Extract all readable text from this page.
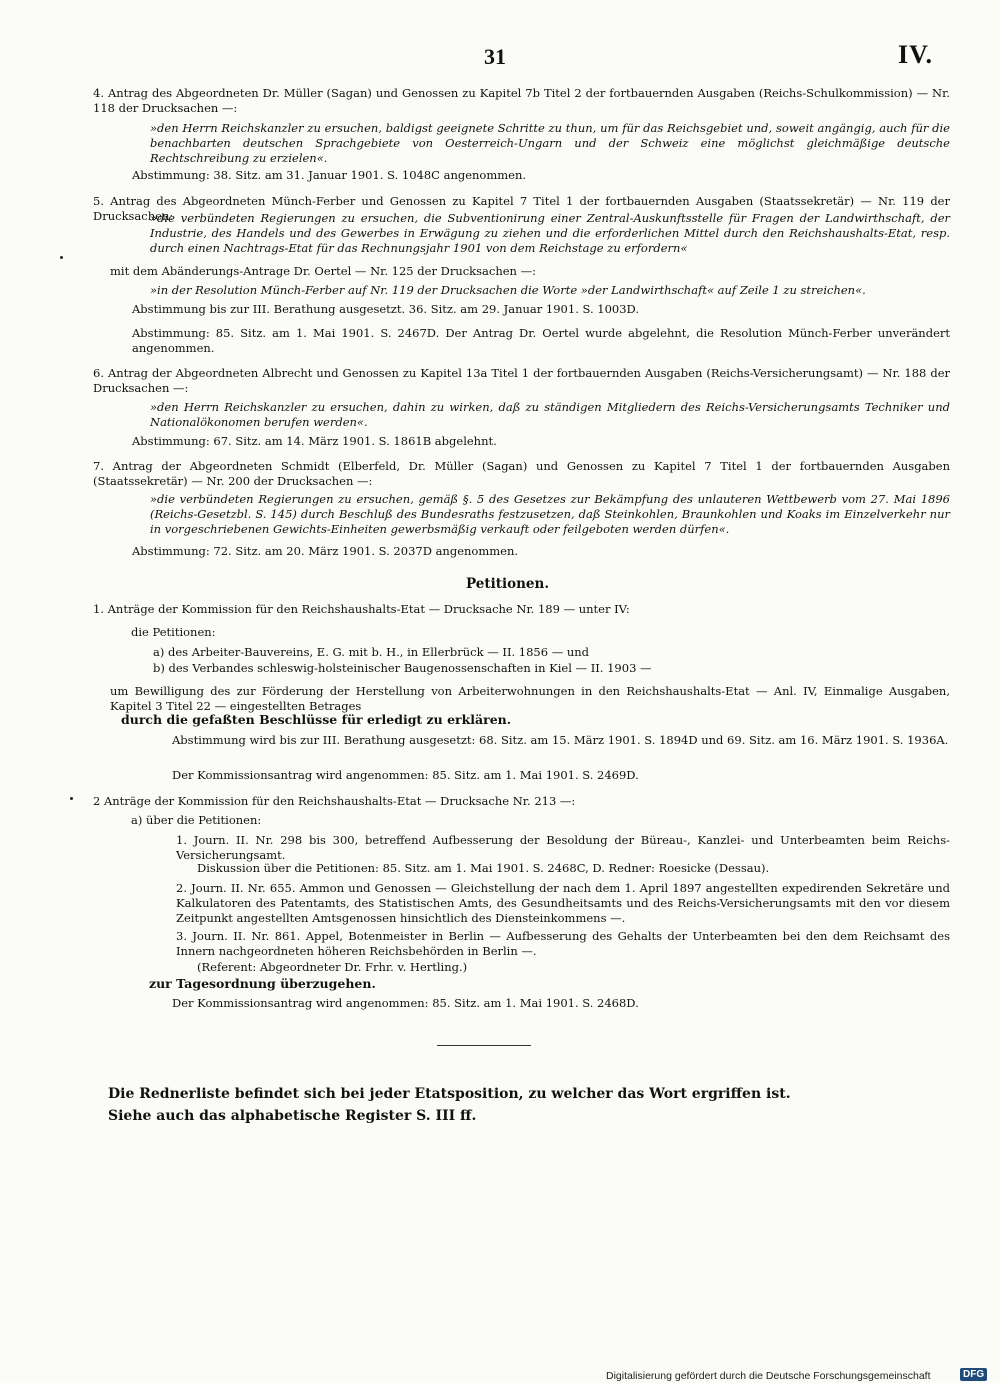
31	IV.

4. Antrag des Abgeordneten Dr. Müller (Sagan) und Genossen zu Kapitel 7b Titel 2 der fortbauernden Ausgaben (Reichs-Schulkommission) — Nr. 118 der Drucksachen —:

»den Herrn Reichskanzler zu ersuchen, baldigst geeignete Schritte zu thun, um für das Reichsgebiet und, soweit angängig, auch für die benachbarten deutschen Sprachgebiete von Oesterreich-Ungarn und der Schweiz eine möglichst gleichmäßige deutsche Rechtschreibung zu erzielen«.

Abstimmung: 38. Sitz. am 31. Januar 1901. S. 1048C angenommen.

5. Antrag des Abgeordneten Münch-Ferber und Genossen zu Kapitel 7 Titel 1 der fortbauernden Ausgaben (Staatssekretär) — Nr. 119 der Drucksachen:

»die verbündeten Regierungen zu ersuchen, die Subventionirung einer Zentral-Auskunftsstelle für Fragen der Landwirthschaft, der Industrie, des Handels und des Gewerbes in Erwägung zu ziehen und die erforderlichen Mittel durch den Reichshaushalts-Etat, resp. durch einen Nachtrags-Etat für das Rechnungsjahr 1901 von dem Reichstage zu erfordern«

mit dem Abänderungs-Antrage Dr. Oertel — Nr. 125 der Drucksachen —:

»in der Resolution Münch-Ferber auf Nr. 119 der Drucksachen die Worte »der Landwirthschaft« auf Zeile 1 zu streichen«.

Abstimmung bis zur III. Berathung ausgesetzt. 36. Sitz. am 29. Januar 1901. S. 1003D.

Abstimmung: 85. Sitz. am 1. Mai 1901. S. 2467D. Der Antrag Dr. Oertel wurde abgelehnt, die Resolution Münch-Ferber unverändert angenommen.

6. Antrag der Abgeordneten Albrecht und Genossen zu Kapitel 13a Titel 1 der fortbauernden Ausgaben (Reichs-Versicherungsamt) — Nr. 188 der Drucksachen —:

»den Herrn Reichskanzler zu ersuchen, dahin zu wirken, daß zu ständigen Mitgliedern des Reichs-Versicherungsamts Techniker und Nationalökonomen berufen werden«.

Abstimmung: 67. Sitz. am 14. März 1901. S. 1861B abgelehnt.

7. Antrag der Abgeordneten Schmidt (Elberfeld, Dr. Müller (Sagan) und Genossen zu Kapitel 7 Titel 1 der fortbauernden Ausgaben (Staatssekretär) — Nr. 200 der Drucksachen —:

»die verbündeten Regierungen zu ersuchen, gemäß §. 5 des Gesetzes zur Bekämpfung des unlauteren Wettbewerb vom 27. Mai 1896 (Reichs-Gesetzbl. S. 145) durch Beschluß des Bundesraths festzusetzen, daß Steinkohlen, Braunkohlen und Koaks im Einzelverkehr nur in vorgeschriebenen Gewichts-Einheiten gewerbsmäßig verkauft oder feilgeboten werden dürfen«.

Abstimmung: 72. Sitz. am 20. März 1901. S. 2037D angenommen.

Petitionen.

1. Anträge der Kommission für den Reichshaushalts-Etat — Drucksache Nr. 189 — unter IV:

die Petitionen:

a) des Arbeiter-Bauvereins, E. G. mit b. H., in Ellerbrück — II. 1856 — und

b) des Verbandes schleswig-holsteinischer Baugenossenschaften in Kiel — II. 1903 —

um Bewilligung des zur Förderung der Herstellung von Arbeiterwohnungen in den Reichshaushalts-Etat — Anl. IV, Einmalige Ausgaben, Kapitel 3 Titel 22 — eingestellten Betrages

durch die gefaßten Beschlüsse für erledigt zu erklären.

Abstimmung wird bis zur III. Berathung ausgesetzt: 68. Sitz. am 15. März 1901. S. 1894D und 69. Sitz. am 16. März 1901. S. 1936A.

Der Kommissionsantrag wird angenommen: 85. Sitz. am 1. Mai 1901. S. 2469D.

2 Anträge der Kommission für den Reichshaushalts-Etat — Drucksache Nr. 213 —:

a) über die Petitionen:

1. Journ. II. Nr. 298 bis 300, betreffend Aufbesserung der Besoldung der Büreau-, Kanzlei- und Unterbeamten beim Reichs-Versicherungsamt.

Diskussion über die Petitionen: 85. Sitz. am 1. Mai 1901. S. 2468C, D. Redner: Roesicke (Dessau).

2. Journ. II. Nr. 655. Ammon und Genossen — Gleichstellung der nach dem 1. April 1897 angestellten expedirenden Sekretäre und Kalkulatoren des Patentamts, des Statistischen Amts, des Gesundheitsamts und des Reichs-Versicherungsamts mit den vor diesem Zeitpunkt angestellten Amtsgenossen hinsichtlich des Diensteinkommens —.

3. Journ. II. Nr. 861. Appel, Botenmeister in Berlin — Aufbesserung des Gehalts der Unterbeamten bei den dem Reichsamt des Innern nachgeordneten höheren Reichsbehörden in Berlin —.

(Referent: Abgeordneter Dr. Frhr. v. Hertling.)

zur Tagesordnung überzugehen.

Der Kommissionsantrag wird angenommen: 85. Sitz. am 1. Mai 1901. S. 2468D.

Die Rednerliste befindet sich bei jeder Etatsposition, zu welcher das Wort ergriffen ist.
Siehe auch das alphabetische Register S. III ff.
Digitalisierung gefördert durch die Deutsche Forschungsgemeinschaft	DFG
